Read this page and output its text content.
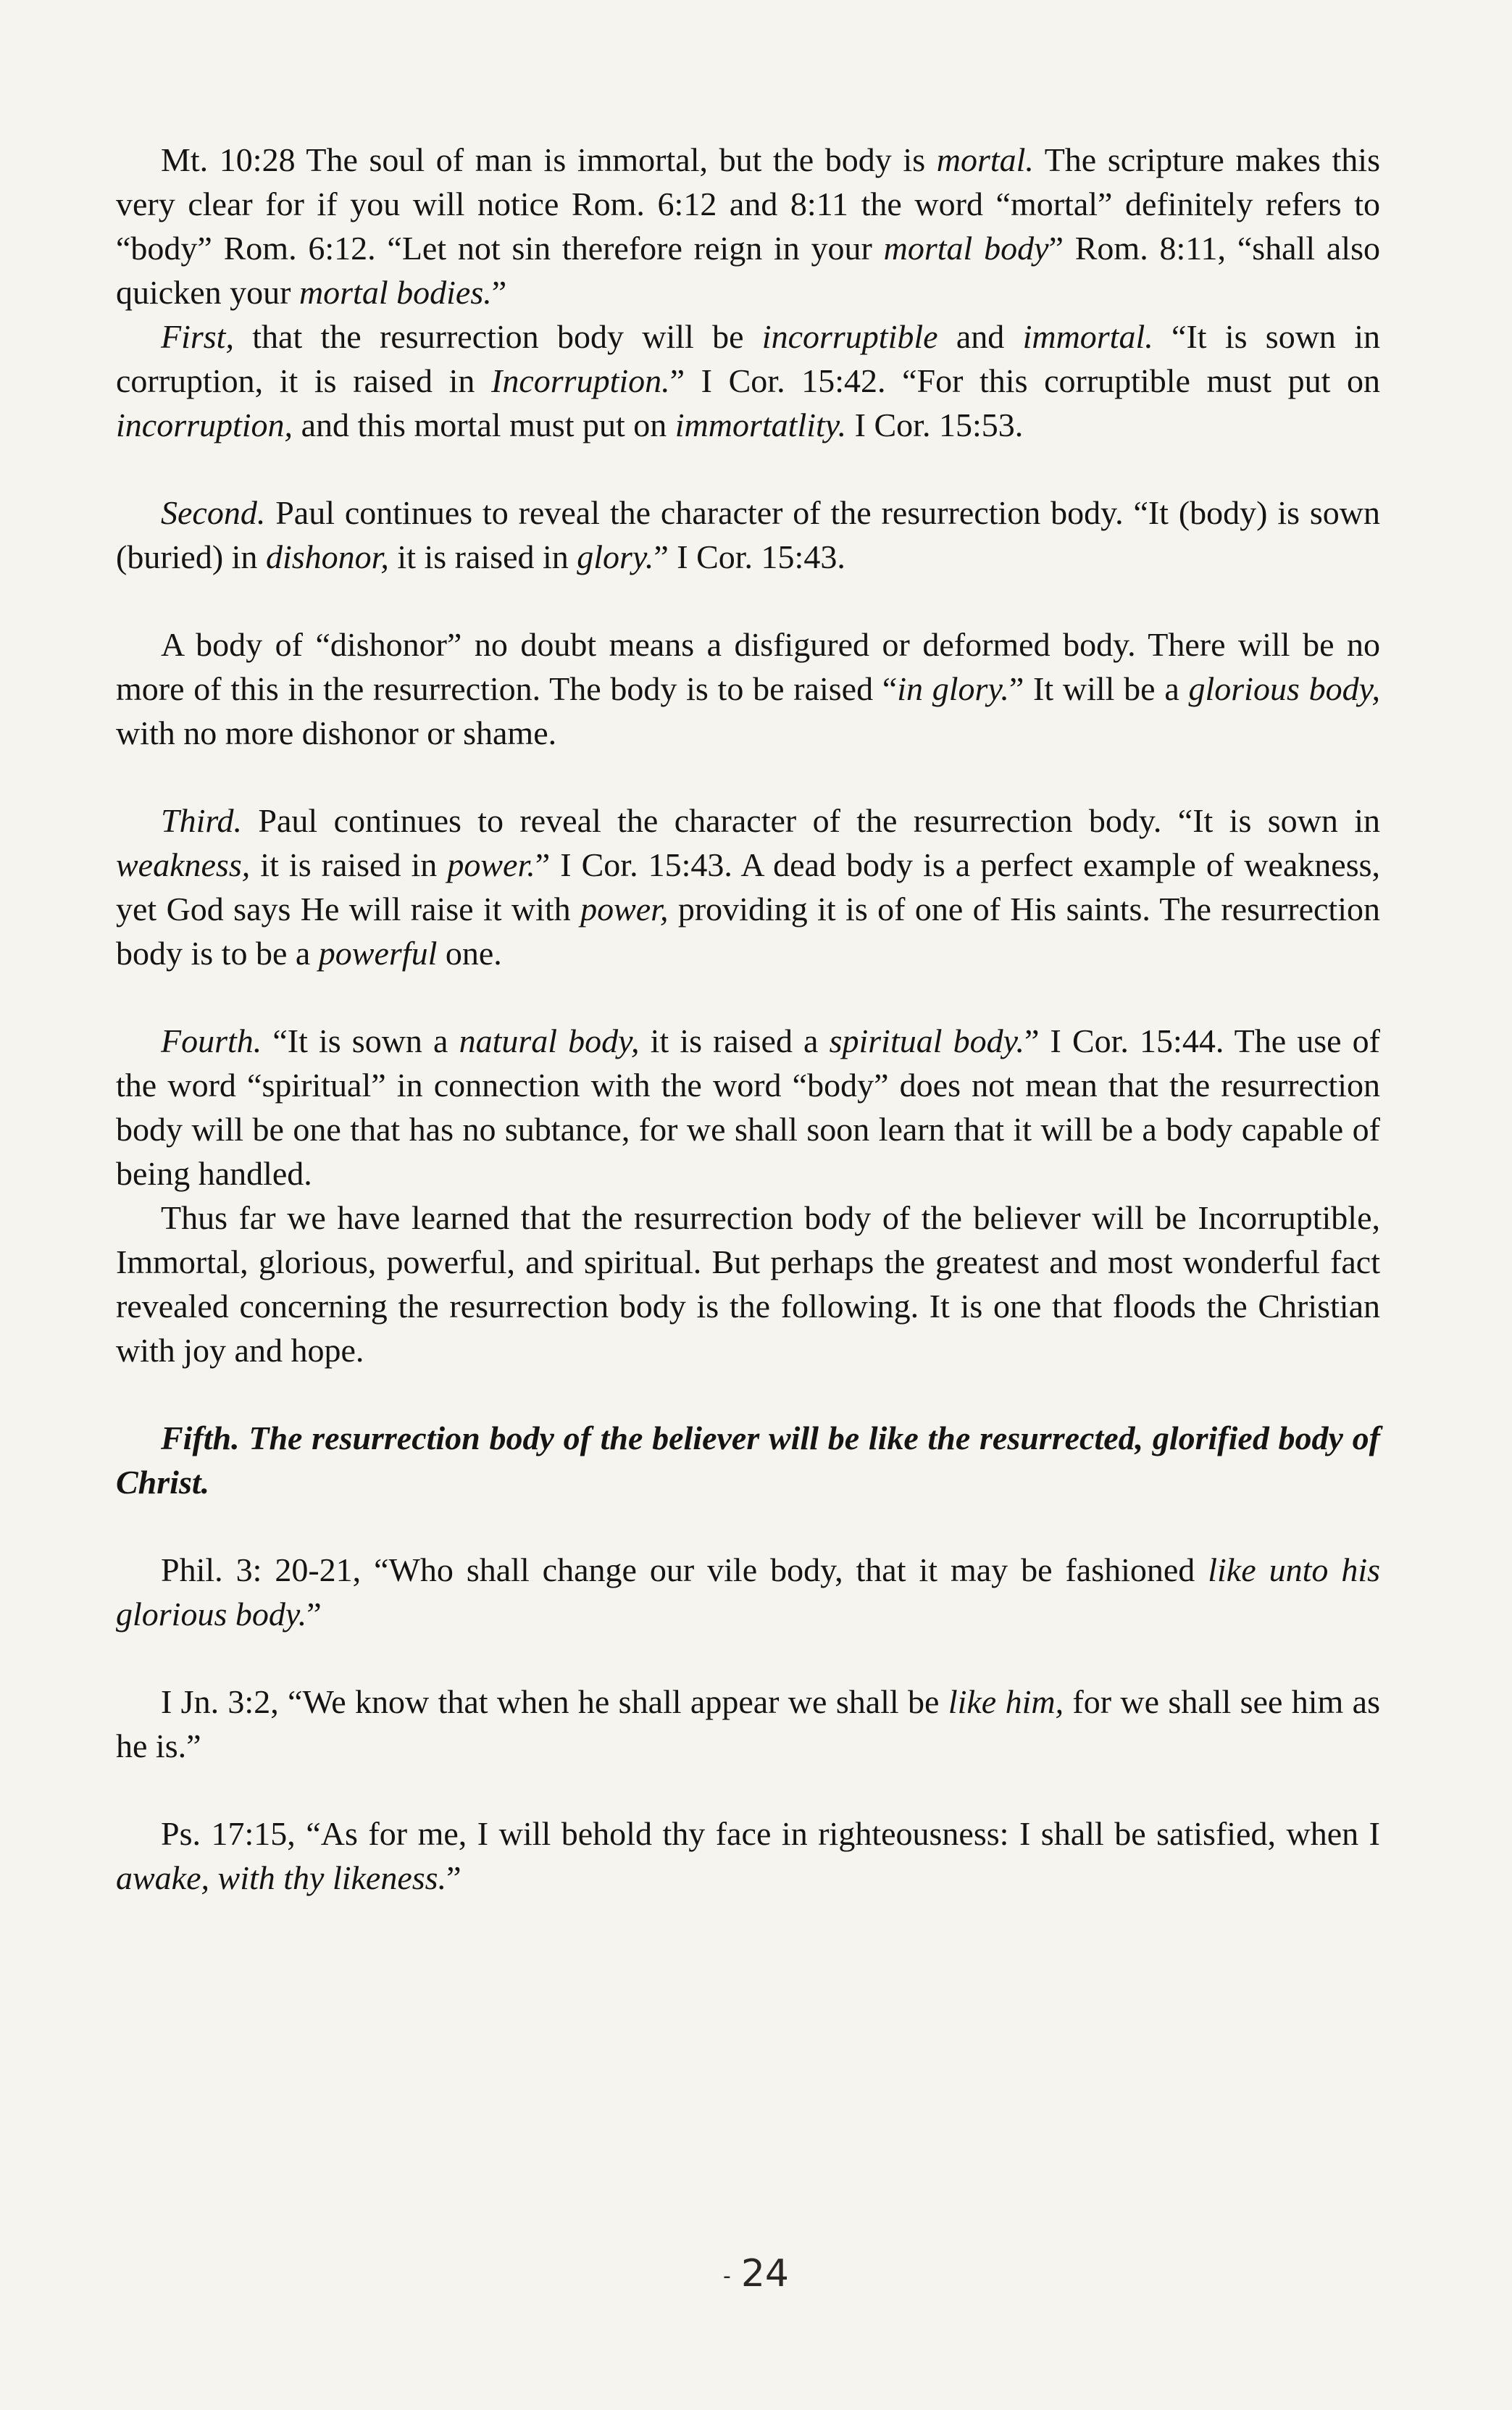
Mt. 10:28 The soul of man is immortal, but the body is mortal. The scripture makes this very clear for if you will notice Rom. 6:12 and 8:11 the word “mortal” definitely refers to “body” Rom. 6:12. “Let not sin therefore reign in your mortal body” Rom. 8:11, “shall also quicken your mortal bodies.”

First, that the resurrection body will be incorruptible and immortal. “It is sown in corruption, it is raised in Incorruption.” I Cor. 15:42. “For this corruptible must put on incorruption, and this mortal must put on immortatlity. I Cor. 15:53.

Second. Paul continues to reveal the character of the resurrection body. “It (body) is sown (buried) in dishonor, it is raised in glory.” I Cor. 15:43.

A body of “dishonor” no doubt means a disfigured or deformed body. There will be no more of this in the resurrection. The body is to be raised “in glory.” It will be a glorious body, with no more dishonor or shame.

Third. Paul continues to reveal the character of the resurrection body. “It is sown in weakness, it is raised in power.” I Cor. 15:43. A dead body is a perfect example of weakness, yet God says He will raise it with power, providing it is of one of His saints. The resurrection body is to be a powerful one.

Fourth. “It is sown a natural body, it is raised a spiritual body.” I Cor. 15:44. The use of the word “spiritual” in connection with the word “body” does not mean that the resurrection body will be one that has no subtance, for we shall soon learn that it will be a body capable of being handled.

Thus far we have learned that the resurrection body of the believer will be Incorruptible, Immortal, glorious, powerful, and spiritual. But perhaps the greatest and most wonderful fact revealed concerning the resurrection body is the following. It is one that floods the Christian with joy and hope.

Fifth. The resurrection body of the believer will be like the resurrected, glorified body of Christ.

Phil. 3: 20-21, “Who shall change our vile body, that it may be fashioned like unto his glorious body.”

I Jn. 3:2, “We know that when he shall appear we shall be like him, for we shall see him as he is.”

Ps. 17:15, “As for me, I will behold thy face in righteousness: I shall be satisfied, when I awake, with thy likeness.”

- 24
